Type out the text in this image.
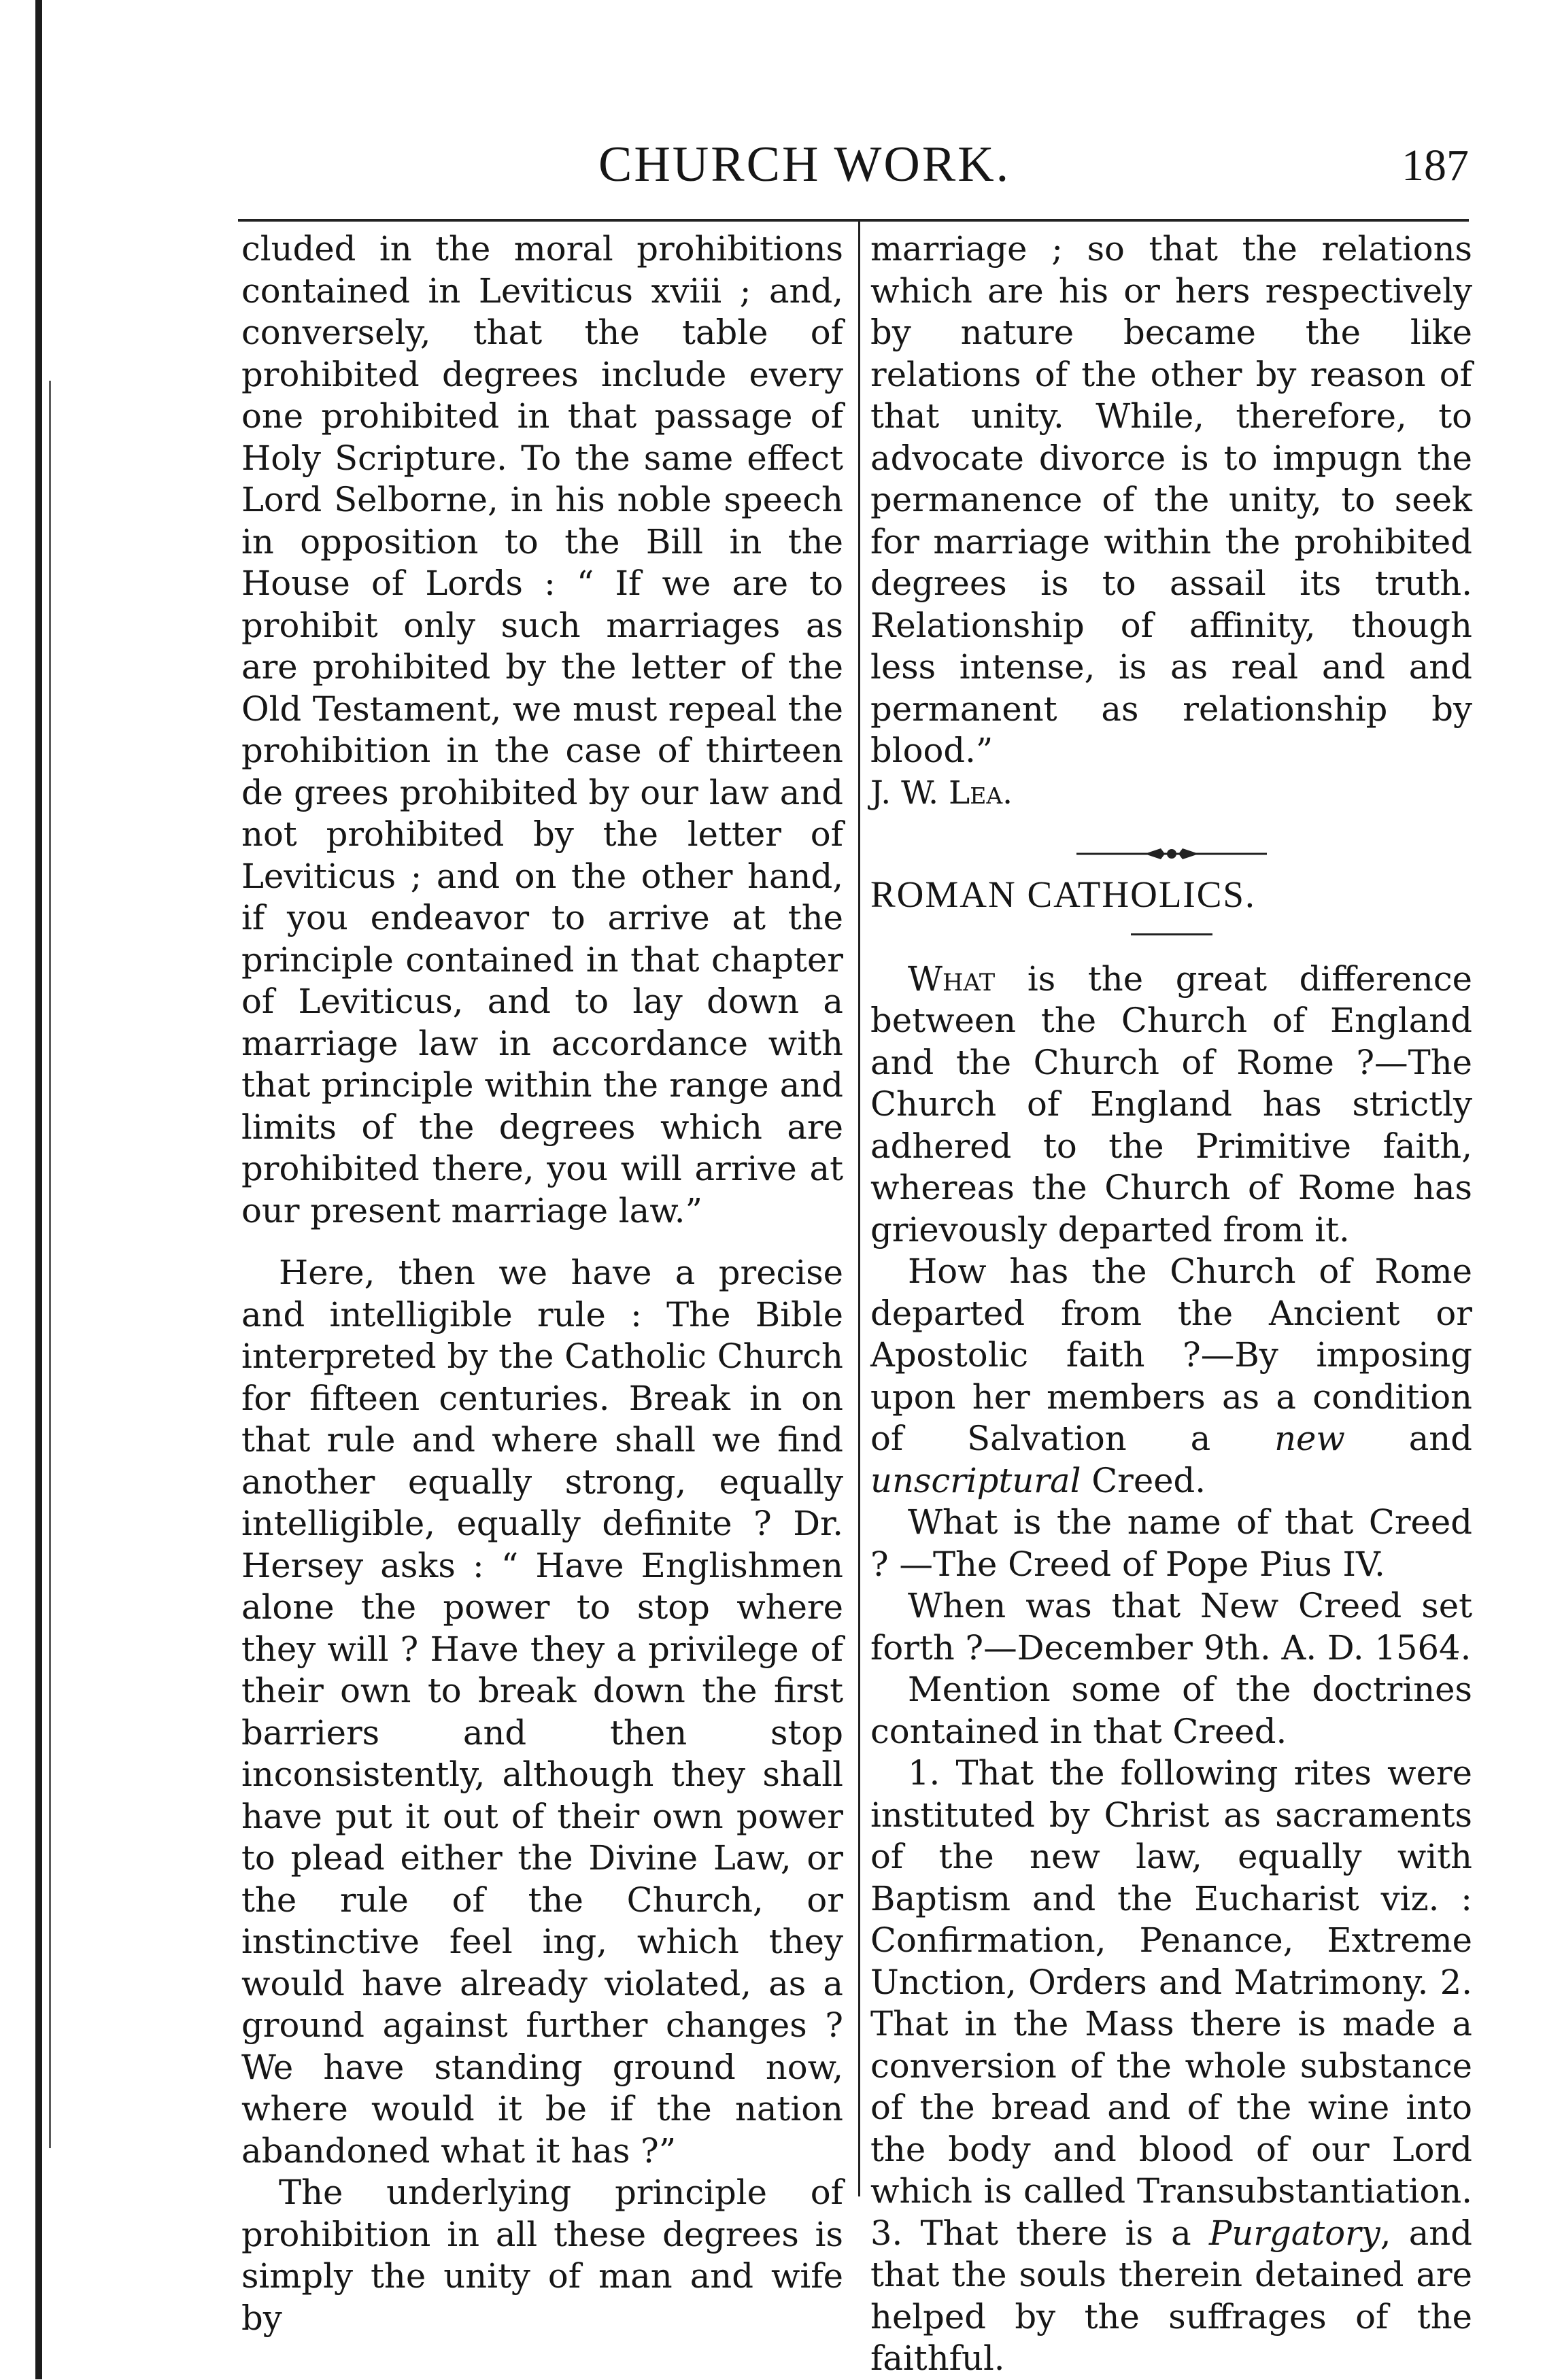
CHURCH WORK.	187

cluded in the moral prohibitions contained in Leviticus xviii ; and, conversely, that the table of prohibited degrees include every one prohibited in that passage of Holy Scripture. To the same effect Lord Selborne, in his noble speech in opposition to the Bill in the House of Lords : “ If we are to prohibit only such marriages as are prohibited by the letter of the Old Testament, we must repeal the prohibition in the case of thirteen de grees prohibited by our law and not prohibited by the letter of Leviticus ; and on the other hand, if you endeavor to arrive at the principle contained in that chapter of Leviticus, and to lay down a marriage law in accordance with that principle within the range and limits of the degrees which are prohibited there, you will arrive at our present marriage law.”

Here, then we have a precise and intelligible rule : The Bible interpreted by the Catholic Church for fifteen centuries. Break in on that rule and where shall we find another equally strong, equally intelligible, equally definite ? Dr. Hersey asks : “ Have Englishmen alone the power to stop where they will ? Have they a privilege of their own to break down the first barriers and then stop inconsistently, although they shall have put it out of their own power to plead either the Divine Law, or the rule of the Church, or instinctive feel ing, which they would have already violated, as a ground against further changes ? We have standing ground now, where would it be if the nation abandoned what it has ?”

The underlying principle of prohibition in all these degrees is simply the unity of man and wife by

marriage ; so that the relations which are his or hers respectively by nature became the like relations of the other by reason of that unity. While, therefore, to advocate divorce is to impugn the permanence of the unity, to seek for marriage within the prohibited degrees is to assail its truth. Relationship of affinity, though less intense, is as real and and permanent as relationship by blood.”

J. W. Lea.

ROMAN CATHOLICS.

What is the great difference between the Church of England and the Church of Rome ?—The Church of England has strictly adhered to the Primitive faith, whereas the Church of Rome has grievously departed from it.

How has the Church of Rome departed from the Ancient or Apostolic faith ?—By imposing upon her members as a condition of Salvation a new and unscriptural Creed.

What is the name of that Creed ? —The Creed of Pope Pius IV.

When was that New Creed set forth ?—December 9th. A. D. 1564.

Mention some of the doctrines contained in that Creed.

1. That the following rites were instituted by Christ as sacraments of the new law, equally with Baptism and the Eucharist viz. : Confirmation, Penance, Extreme Unction, Orders and Matrimony. 2. That in the Mass there is made a conversion of the whole substance of the bread and of the wine into the body and blood of our Lord which is called Transubstantiation. 3. That there is a Purgatory, and that the souls therein detained are helped by the suffrages of the faithful.
